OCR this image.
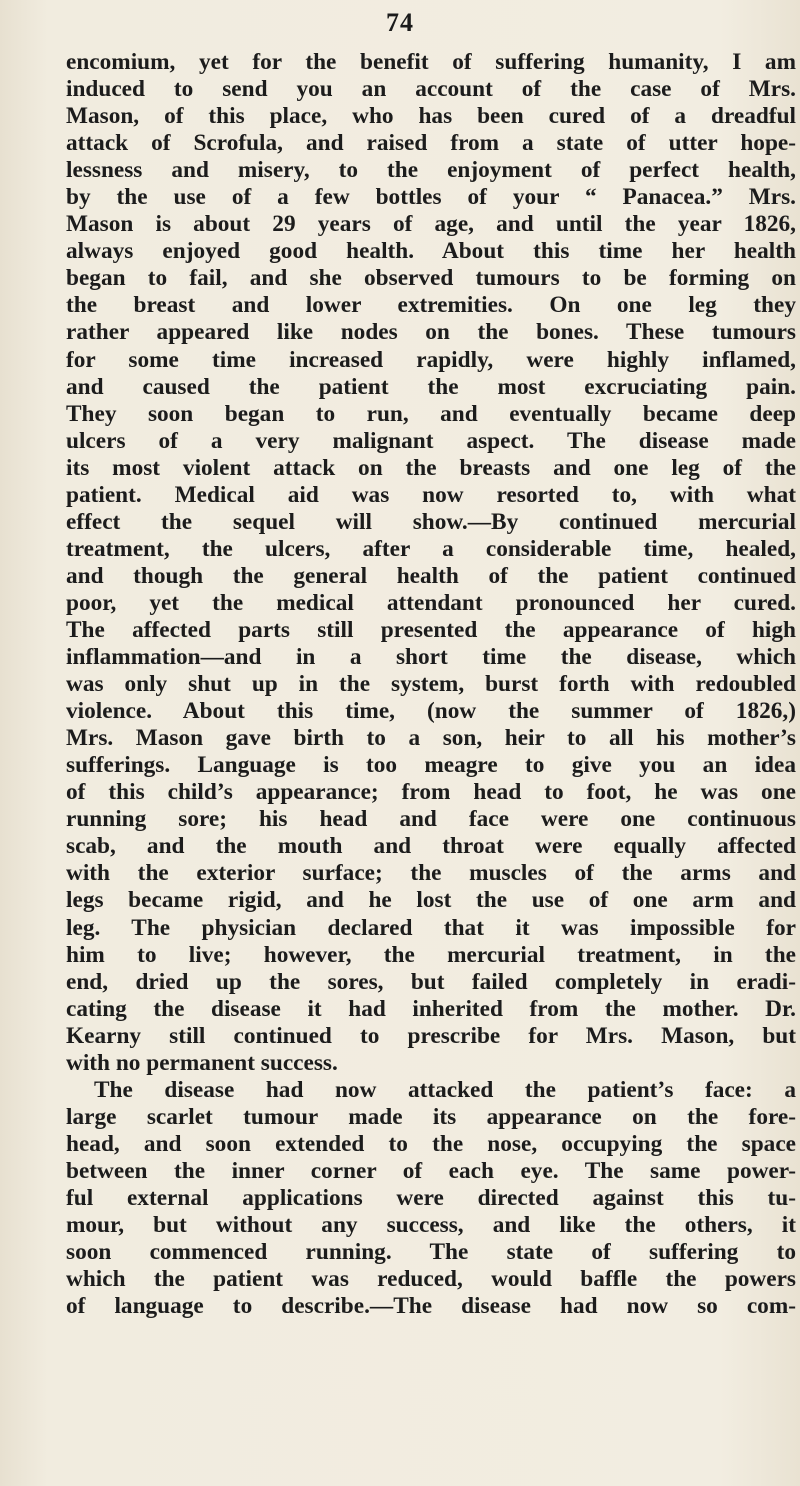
74
encomium, yet for the benefit of suffering humanity, I am
induced to send you an account of the case of Mrs.
Mason, of this place, who has been cured of a dreadful
attack of Scrofula, and raised from a state of utter hope-
lessness and misery, to the enjoyment of perfect health,
by the use of a few bottles of your “ Panacea.” Mrs.
Mason is about 29 years of age, and until the year 1826,
always enjoyed good health. About this time her health
began to fail, and she observed tumours to be forming on
the breast and lower extremities. On one leg they
rather appeared like nodes on the bones. These tumours
for some time increased rapidly, were highly inflamed,
and caused the patient the most excruciating pain.
They soon began to run, and eventually became deep
ulcers of a very malignant aspect. The disease made
its most violent attack on the breasts and one leg of the
patient. Medical aid was now resorted to, with what
effect the sequel will show.—By continued mercurial
treatment, the ulcers, after a considerable time, healed,
and though the general health of the patient continued
poor, yet the medical attendant pronounced her cured.
The affected parts still presented the appearance of high
inflammation—and in a short time the disease, which
was only shut up in the system, burst forth with redoubled
violence. About this time, (now the summer of 1826,)
Mrs. Mason gave birth to a son, heir to all his mother’s
sufferings. Language is too meagre to give you an idea
of this child’s appearance; from head to foot, he was one
running sore; his head and face were one continuous
scab, and the mouth and throat were equally affected
with the exterior surface; the muscles of the arms and
legs became rigid, and he lost the use of one arm and
leg. The physician declared that it was impossible for
him to live; however, the mercurial treatment, in the
end, dried up the sores, but failed completely in eradi-
cating the disease it had inherited from the mother. Dr.
Kearny still continued to prescribe for Mrs. Mason, but
with no permanent success.
The disease had now attacked the patient’s face: a
large scarlet tumour made its appearance on the fore-
head, and soon extended to the nose, occupying the space
between the inner corner of each eye. The same power-
ful external applications were directed against this tu-
mour, but without any success, and like the others, it
soon commenced running. The state of suffering to
which the patient was reduced, would baffle the powers
of language to describe.—The disease had now so com-
